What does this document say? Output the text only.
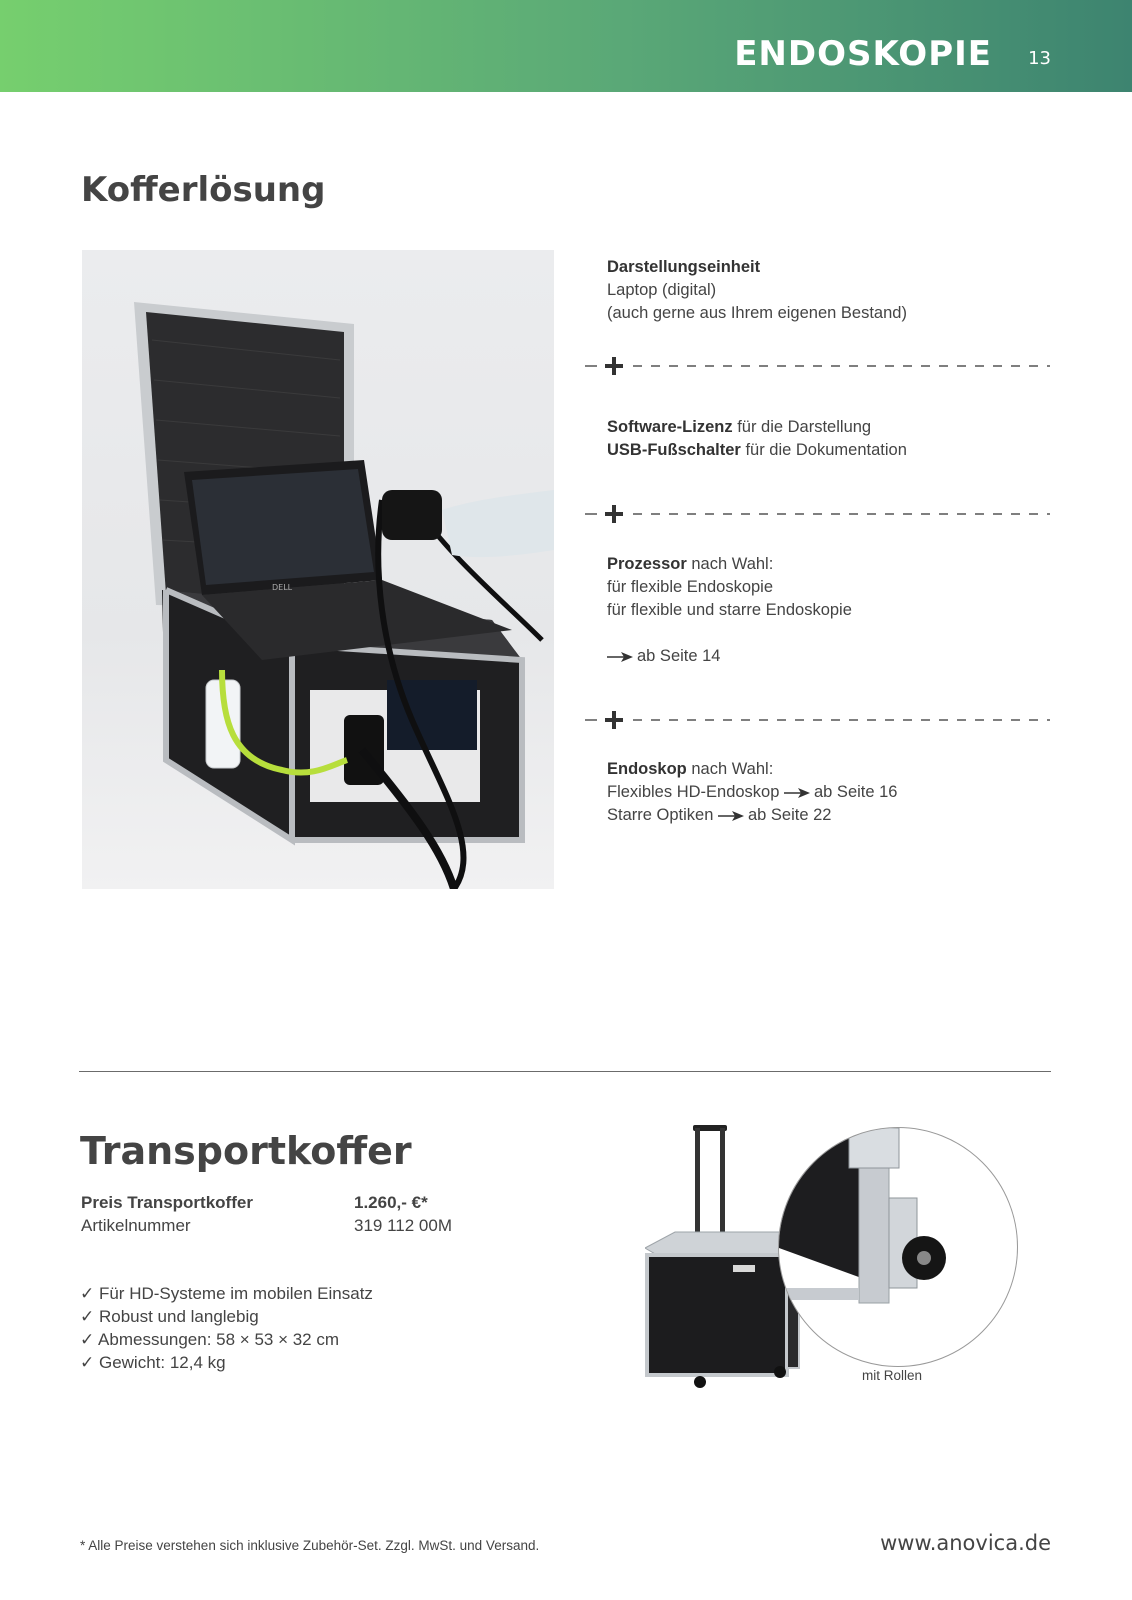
ENDOSKOPIE 13
Kofferlösung
DELL
Darstellungseinheit
Laptop (digital)
(auch gerne aus Ihrem eigenen Bestand)
Software-Lizenz für die Darstellung
USB-Fußschalter für die Dokumentation
Prozessor nach Wahl:
für flexible Endoskopie
für flexible und starre Endoskopie

ab Seite 14
Endoskop nach Wahl:
Flexibles HD-Endoskop ab Seite 16
Starre Optiken ab Seite 22
Transportkoffer
Preis Transportkoffer	1.260,- €*
Artikelnummer	319 112 00M
✓ Für HD-Systeme im mobilen Einsatz
✓ Robust und langlebig
✓ Abmessungen: 58 × 53 × 32 cm
✓ Gewicht: 12,4 kg
mit Rollen
* Alle Preise verstehen sich inklusive Zubehör-Set. Zzgl. MwSt. und Versand.	www.anovica.de
